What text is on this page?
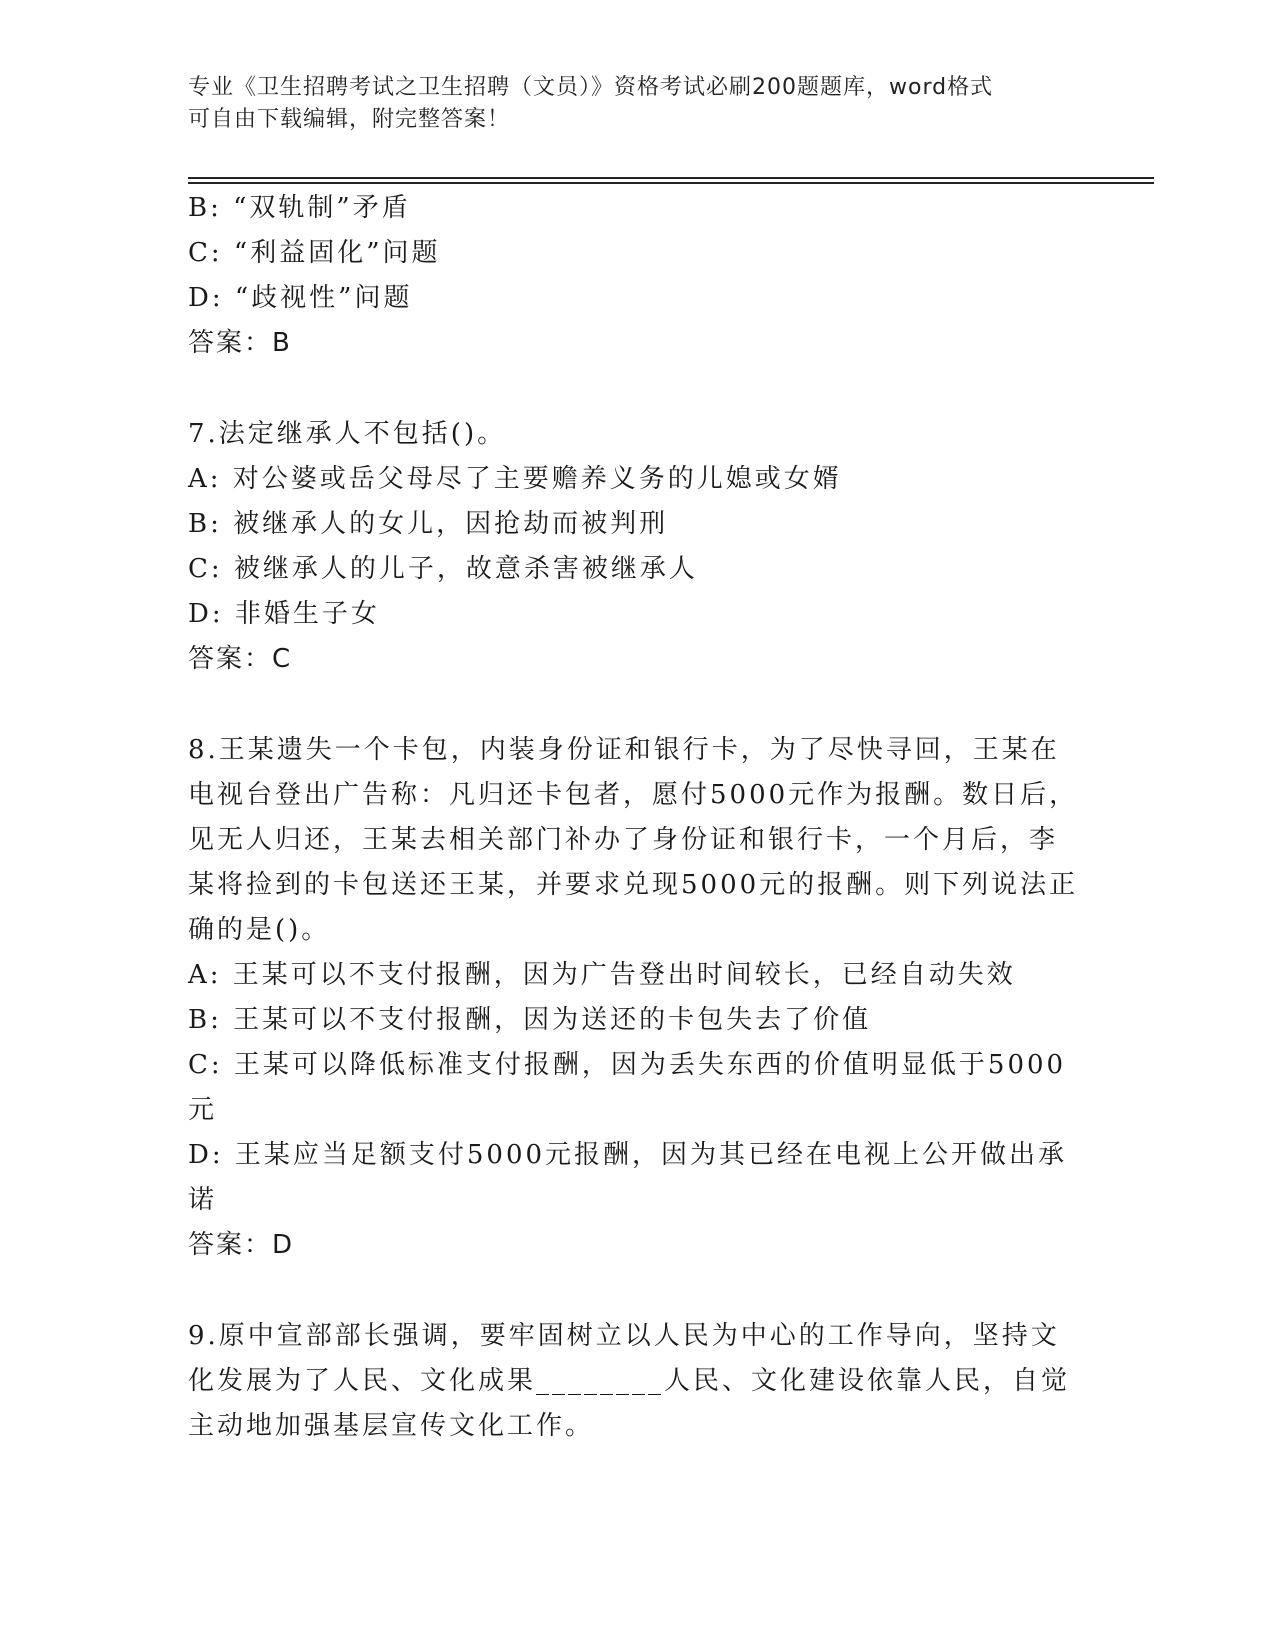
专业《卫生招聘考试之卫生招聘（文员）》资格考试必刷200题题库，word格式
可自由下载编辑，附完整答案！

B: “双轨制”矛盾

C: “利益固化”问题

D: “歧视性”问题

答案：B

7.法定继承人不包括()。

A: 对公婆或岳父母尽了主要赡养义务的儿媳或女婿

B: 被继承人的女儿，因抢劫而被判刑

C: 被继承人的儿子，故意杀害被继承人

D: 非婚生子女

答案：C

8.王某遗失一个卡包，内装身份证和银行卡，为了尽快寻回，王某在

电视台登出广告称：凡归还卡包者，愿付5000元作为报酬。数日后，

见无人归还，王某去相关部门补办了身份证和银行卡，一个月后，李

某将捡到的卡包送还王某，并要求兑现5000元的报酬。则下列说法正

确的是()。

A: 王某可以不支付报酬，因为广告登出时间较长，已经自动失效

B: 王某可以不支付报酬，因为送还的卡包失去了价值

C: 王某可以降低标准支付报酬，因为丢失东西的价值明显低于5000

元

D: 王某应当足额支付5000元报酬，因为其已经在电视上公开做出承

诺

答案：D

9.原中宣部部长强调，要牢固树立以人民为中心的工作导向，坚持文

化发展为了人民、文化成果________人民、文化建设依靠人民，自觉

主动地加强基层宣传文化工作。
